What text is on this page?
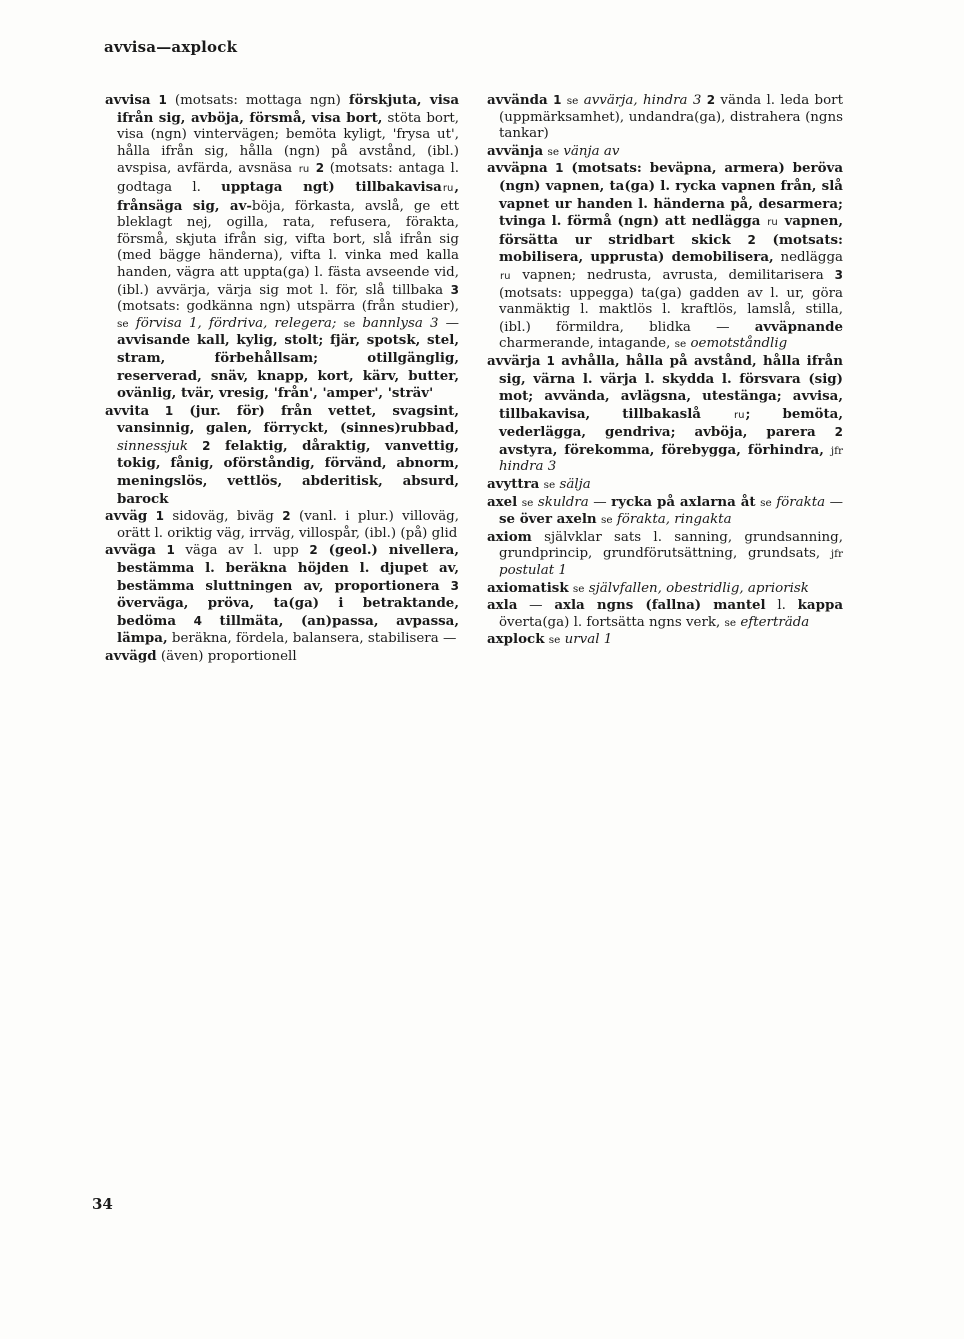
avvisa—axplock

avvisa 1 (motsats: mottaga ngn) förskjuta, visa ifrån sig, avböja, försmå, visa bort, stöta bort, visa (ngn) vintervägen; bemöta kyligt, 'frysa ut', hålla ifrån sig, hålla (ngn) på avstånd, (ibl.) avspisa, avfärda, avsnäsa ru 2 (motsats: antaga l. godtaga l. upptaga ngt) tillbakavisaru, frånsäga sig, av-böja, förkasta, avslå, ge ett bleklagt nej, ogilla, rata, refusera, förakta, försmå, skjuta ifrån sig, vifta bort, slå ifrån sig (med bägge händerna), vifta l. vinka med kalla handen, vägra att uppta(ga) l. fästa avseende vid, (ibl.) avvärja, värja sig mot l. för, slå tillbaka 3 (motsats: godkänna ngn) utspärra (från studier), se förvisa 1, fördriva, relegera; se bannlysa 3 — avvisande kall, kylig, stolt; fjär, spotsk, stel, stram, förbehållsam; otillgänglig, reserverad, snäv, knapp, kort, kärv, butter, ovänlig, tvär, vresig, 'från', 'amper', 'sträv'

avvita 1 (jur. för) från vettet, svagsint, vansinnig, galen, förryckt, (sinnes)rubbad, sinnessjuk 2 felaktig, dåraktig, vanvettig, tokig, fånig, oförståndig, förvänd, abnorm, meningslös, vettlös, abderitisk, absurd, barock

avväg 1 sidoväg, biväg 2 (vanl. i plur.) villoväg, orätt l. oriktig väg, irrväg, villospår, (ibl.) (på) glid

avväga 1 väga av l. upp 2 (geol.) nivellera, bestämma l. beräkna höjden l. djupet av, bestämma sluttningen av, proportionera 3 överväga, pröva, ta(ga) i betraktande, bedöma 4 tillmäta, (an)passa, avpassa, lämpa, beräkna, fördela, balansera, stabilisera —

avvägd (även) proportionell

avvända 1 se avvärja, hindra 3 2 vända l. leda bort (uppmärksamhet), undandra(ga), distrahera (ngns tankar)

avvänja se vänja av

avväpna 1 (motsats: beväpna, armera) beröva (ngn) vapnen, ta(ga) l. rycka vapnen från, slå vapnet ur handen l. händerna på, desarmera; tvinga l. förmå (ngn) att nedlägga ru vapnen, försätta ur stridbart skick 2 (motsats: mobilisera, upprusta) demobilisera, nedlägga ru vapnen; nedrusta, avrusta, demilitarisera 3 (motsats: uppegga) ta(ga) gadden av l. ur, göra vanmäktig l. maktlös l. kraftlös, lamslå, stilla, (ibl.) förmildra, blidka — avväpnande charmerande, intagande, se oemotståndlig

avvärja 1 avhålla, hålla på avstånd, hålla ifrån sig, värna l. värja l. skydda l. försvara (sig) mot; avvända, avlägsna, utestänga; avvisa, tillbakavisa, tillbakaslå ru; bemöta, vederlägga, gendriva; avböja, parera 2 avstyra, förekomma, förebygga, förhindra, jfr hindra 3

avyttra se sälja

axel se skuldra — rycka på axlarna åt se förakta — se över axeln se förakta, ringakta

axiom självklar sats l. sanning, grundsanning, grundprincip, grundförutsättning, grundsats, jfr postulat 1

axiomatisk se självfallen, obestridlig, apriorisk

axla — axla ngns (fallna) mantel l. kappa överta(ga) l. fortsätta ngns verk, se efterträda

axplock se urval 1

34
